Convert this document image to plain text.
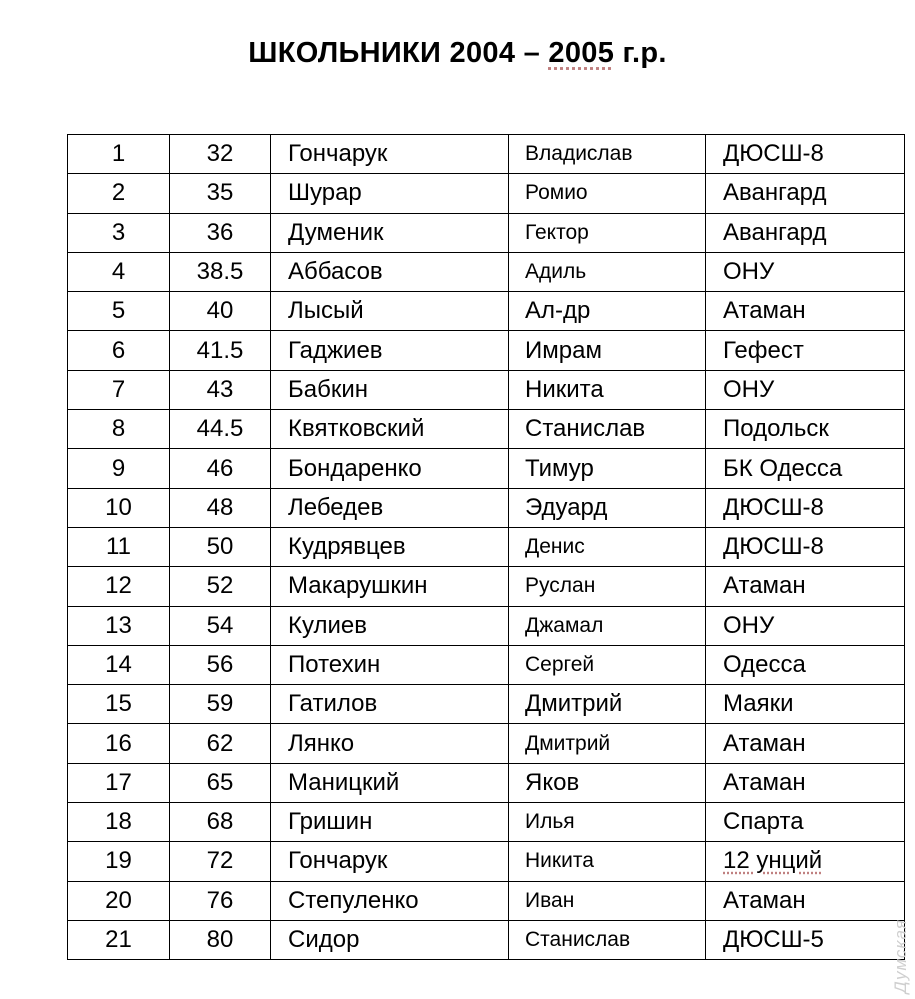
ШКОЛЬНИКИ 2004 – 2005 г.р.
1	32	Гончарук	Владислав	ДЮСШ-8
2	35	Шурар	Ромио	Авангард
3	36	Думеник	Гектор	Авангард
4	38.5	Аббасов	Адиль	ОНУ
5	40	Лысый	Ал-др	Атаман
6	41.5	Гаджиев	Имрам	Гефест
7	43	Бабкин	Никита	ОНУ
8	44.5	Квятковский	Станислав	Подольск
9	46	Бондаренко	Тимур	БК Одесса
10	48	Лебедев	Эдуард	ДЮСШ-8
11	50	Кудрявцев	Денис	ДЮСШ-8
12	52	Макарушкин	Руслан	Атаман
13	54	Кулиев	Джамал	ОНУ
14	56	Потехин	Сергей	Одесса
15	59	Гатилов	Дмитрий	Маяки
16	62	Лянко	Дмитрий	Атаман
17	65	Маницкий	Яков	Атаман
18	68	Гришин	Илья	Спарта
19	72	Гончарук	Никита	12 унций
20	76	Степуленко	Иван	Атаман
21	80	Сидор	Станислав	ДЮСШ-5	Думская
